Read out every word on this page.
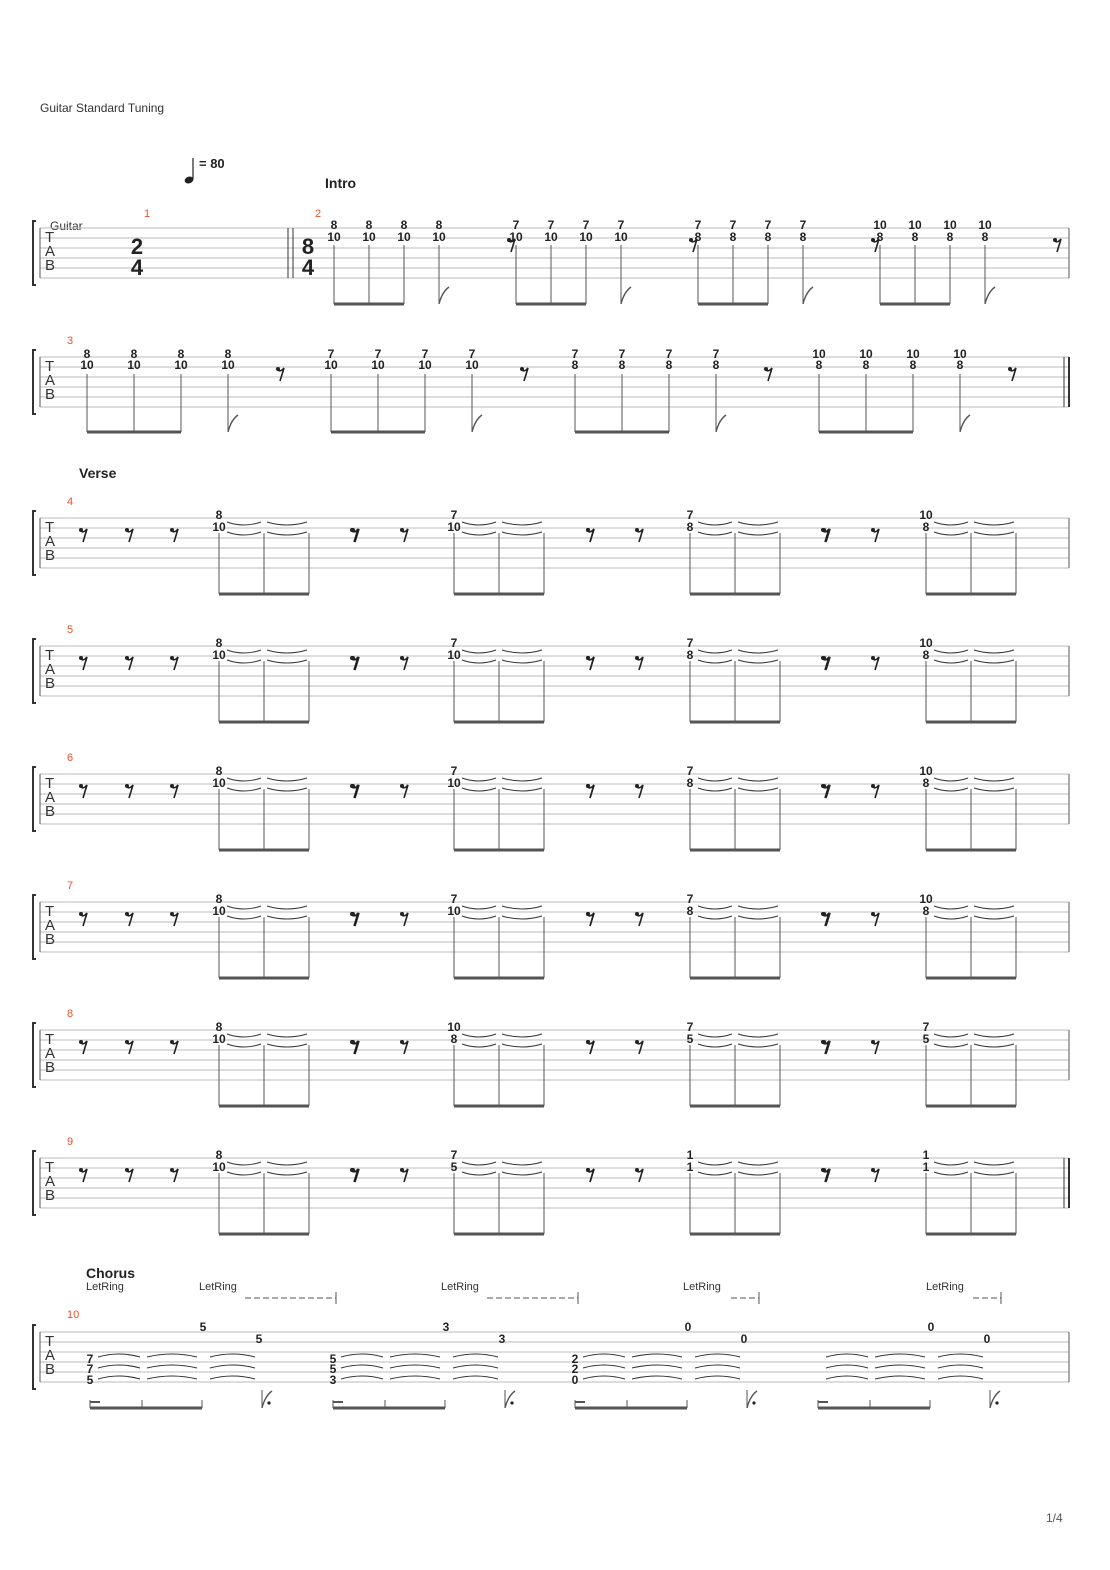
Guitar Standard Tuning
= 80
Intro
Guitar
Verse
Chorus
LetRing	LetRing	LetRing	LetRing	LetRing
1/4
T
A
B
1	2
2
4
8
4
8
10
8
10
8
10
8
10
7
10
7
10
7
10
7
10
7
8
7
8
7
8
7
8
10
8
10
8
10
8
10
8
T
A
B
3
8
10
8
10
8
10
8
10
7
10
7
10
7
10
7
10
7
8
7
8
7
8
7
8
10
8
10
8
10
8
10
8
T
A
B
4
8
10
7
10
7
8
10
8
T
A
B
5
8
10
7
10
7
8
10
8
T
A
B
6
8
10
7
10
7
8
10
8
T
A
B
7
8
10
7
10
7
8
10
8
T
A
B
8
8
10
10
8
7
5
7
5
T
A
B
9
8
10
7
5
1
1
1
1
T
A
B
10
7
7
5
5
5
5
5
3
3
3
2
2
0
0
0
0
0
